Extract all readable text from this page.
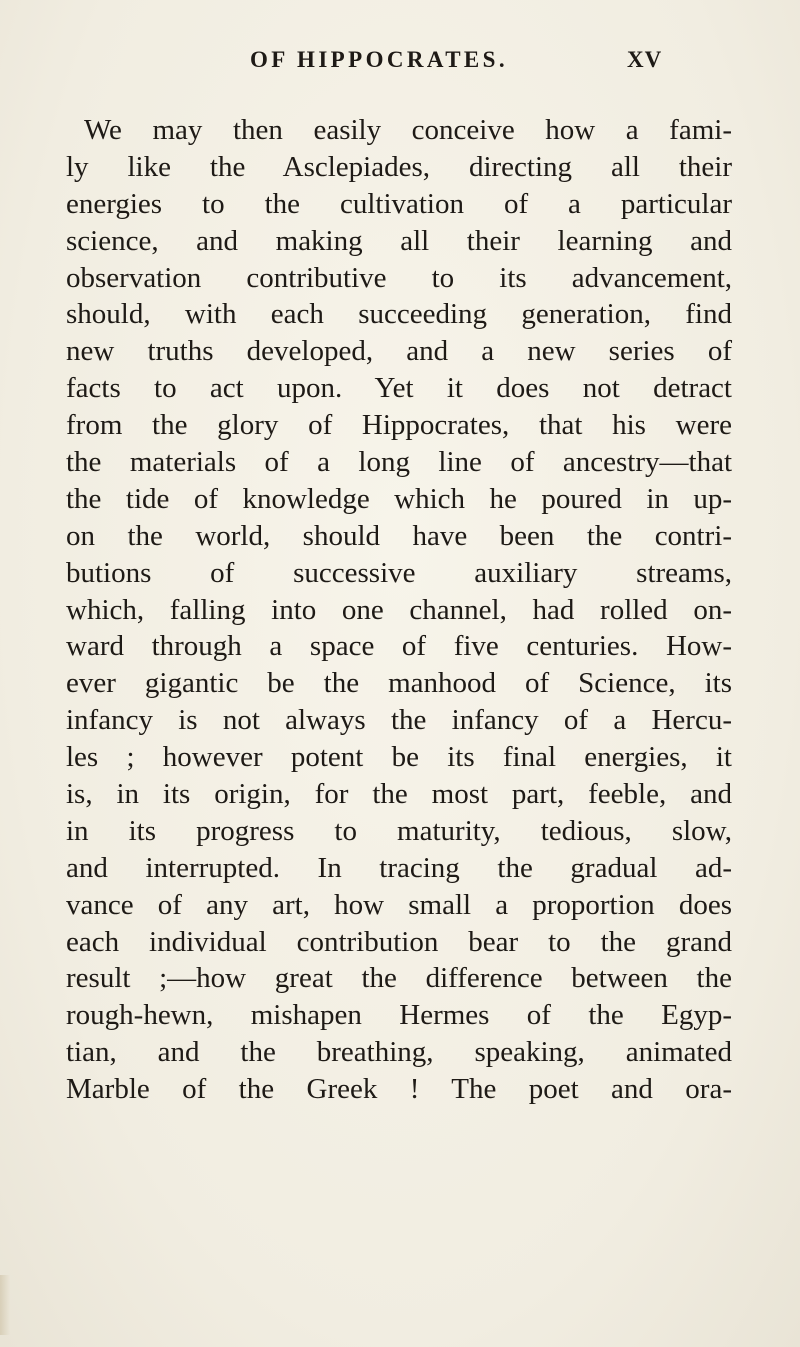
OF HIPPOCRATES.	XV
We may then easily conceive how a fami-
ly like the Asclepiades, directing all their
energies to the cultivation of a particular
science, and making all their learning and
observation contributive to its advancement,
should, with each succeeding generation, find
new truths developed, and a new series of
facts to act upon. Yet it does not detract
from the glory of Hippocrates, that his were
the materials of a long line of ancestry—that
the tide of knowledge which he poured in up-
on the world, should have been the contri-
butions of successive auxiliary streams,
which, falling into one channel, had rolled on-
ward through a space of five centuries. How-
ever gigantic be the manhood of Science, its
infancy is not always the infancy of a Hercu-
les ; however potent be its final energies, it
is, in its origin, for the most part, feeble, and
in its progress to maturity, tedious, slow,
and interrupted. In tracing the gradual ad-
vance of any art, how small a proportion does
each individual contribution bear to the grand
result ;—how great the difference between the
rough-hewn, mishapen Hermes of the Egyp-
tian, and the breathing, speaking, animated
Marble of the Greek ! The poet and ora-
